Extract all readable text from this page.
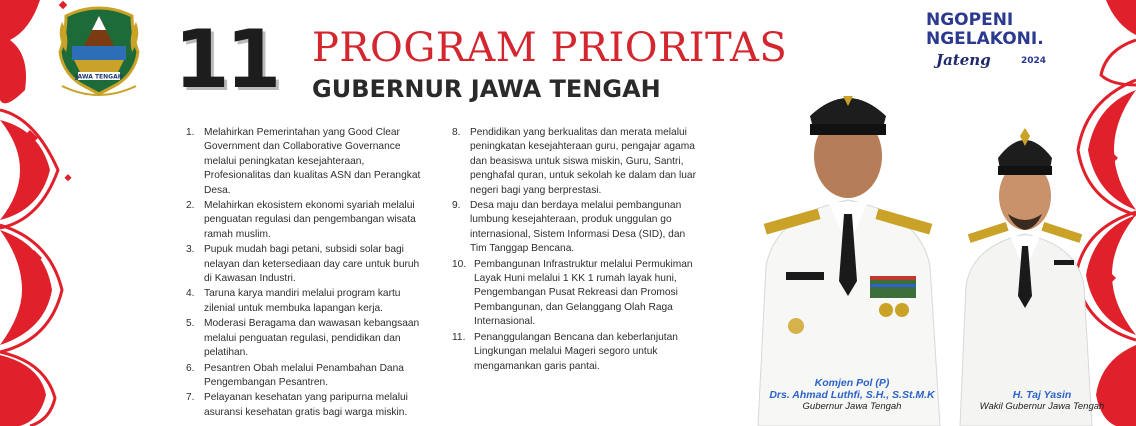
JAWA TENGAH 11 PROGRAM PRIORITAS
GUBERNUR JAWA TENGAH
NGOPENI
NGELAKONI.
Jateng	2024
1. Melahirkan Pemerintahan yang Good Clear Government dan Collaborative Governance melalui peningkatan kesejahteraan, Profesionalitas dan kualitas ASN dan Perangkat Desa.
2. Melahirkan ekosistem ekonomi syariah melalui penguatan regulasi dan pengembangan wisata ramah muslim.
3. Pupuk mudah bagi petani, subsidi solar bagi nelayan dan ketersediaan day care untuk buruh di Kawasan Industri.
4. Taruna karya mandiri melalui program kartu zilenial untuk membuka lapangan kerja.
5. Moderasi Beragama dan wawasan kebangsaan melalui penguatan regulasi, pendidikan dan pelatihan.
6. Pesantren Obah melalui Penambahan Dana Pengembangan Pesantren.
7. Pelayanan kesehatan yang paripurna melalui asuransi kesehatan gratis bagi warga miskin.
8. Pendidikan yang berkualitas dan merata melalui peningkatan kesejahteraan guru, pengajar agama dan beasiswa untuk siswa miskin, Guru, Santri, penghafal quran, untuk sekolah ke dalam dan luar negeri bagi yang berprestasi.
9. Desa maju dan berdaya melalui pembangunan lumbung kesejahteraan, produk unggulan go internasional, Sistem Informasi Desa (SID), dan Tim Tanggap Bencana.
10. Pembangunan Infrastruktur melalui Permukiman Layak Huni melalui 1 KK 1 rumah layak huni, Pengembangan Pusat Rekreasi dan Promosi Pembangunan, dan Gelanggang Olah Raga Internasional.
11. Penanggulangan Bencana dan keberlanjutan Lingkungan melalui Mageri segoro untuk mengamankan garis pantai.
Komjen Pol (P)
Drs. Ahmad Luthfi, S.H., S.St.M.K
Gubernur Jawa Tengah
H. Taj Yasin
Wakil Gubernur Jawa Tengah
